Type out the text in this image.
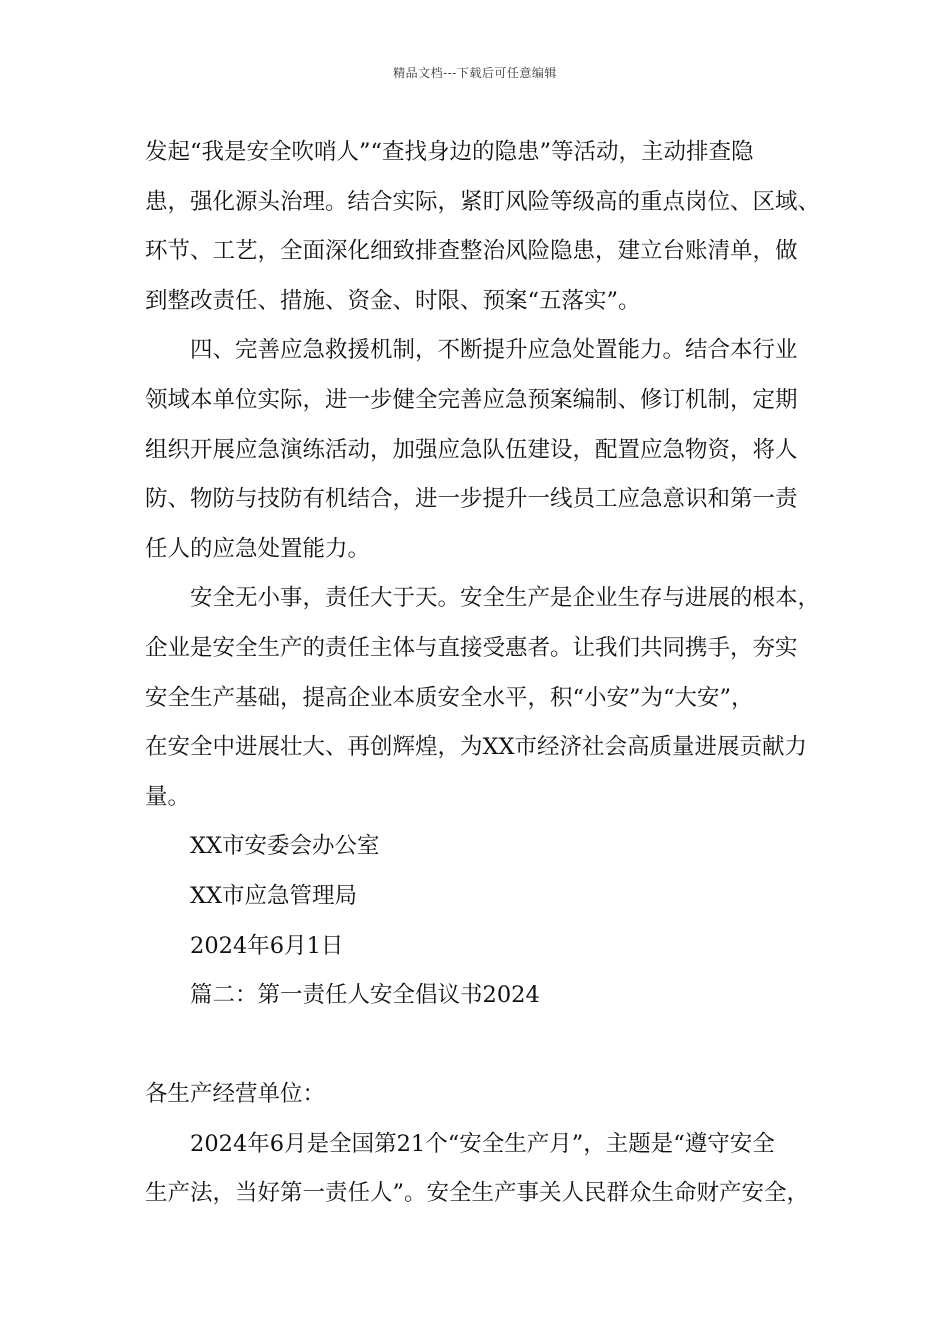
精品文档---下载后可任意编辑
发起“我是安全吹哨人”“查找身边的隐患”等活动，主动排查隐
患，强化源头治理。结合实际，紧盯风险等级高的重点岗位、区域、
环节、工艺，全面深化细致排查整治风险隐患，建立台账清单，做
到整改责任、措施、资金、时限、预案“五落实”。
四、完善应急救援机制，不断提升应急处置能力。结合本行业
领域本单位实际，进一步健全完善应急预案编制、修订机制，定期
组织开展应急演练活动，加强应急队伍建设，配置应急物资，将人
防、物防与技防有机结合，进一步提升一线员工应急意识和第一责
任人的应急处置能力。
安全无小事，责任大于天。安全生产是企业生存与进展的根本，
企业是安全生产的责任主体与直接受惠者。让我们共同携手，夯实
安全生产基础，提高企业本质安全水平，积“小安”为“大安”，
在安全中进展壮大、再创辉煌，为XX市经济社会高质量进展贡献力
量。
XX市安委会办公室
XX市应急管理局
2024年6月1日
篇二：第一责任人安全倡议书2024
各生产经营单位：
2024年6月是全国第21个“安全生产月”，主题是“遵守安全
生产法，当好第一责任人”。安全生产事关人民群众生命财产安全，
